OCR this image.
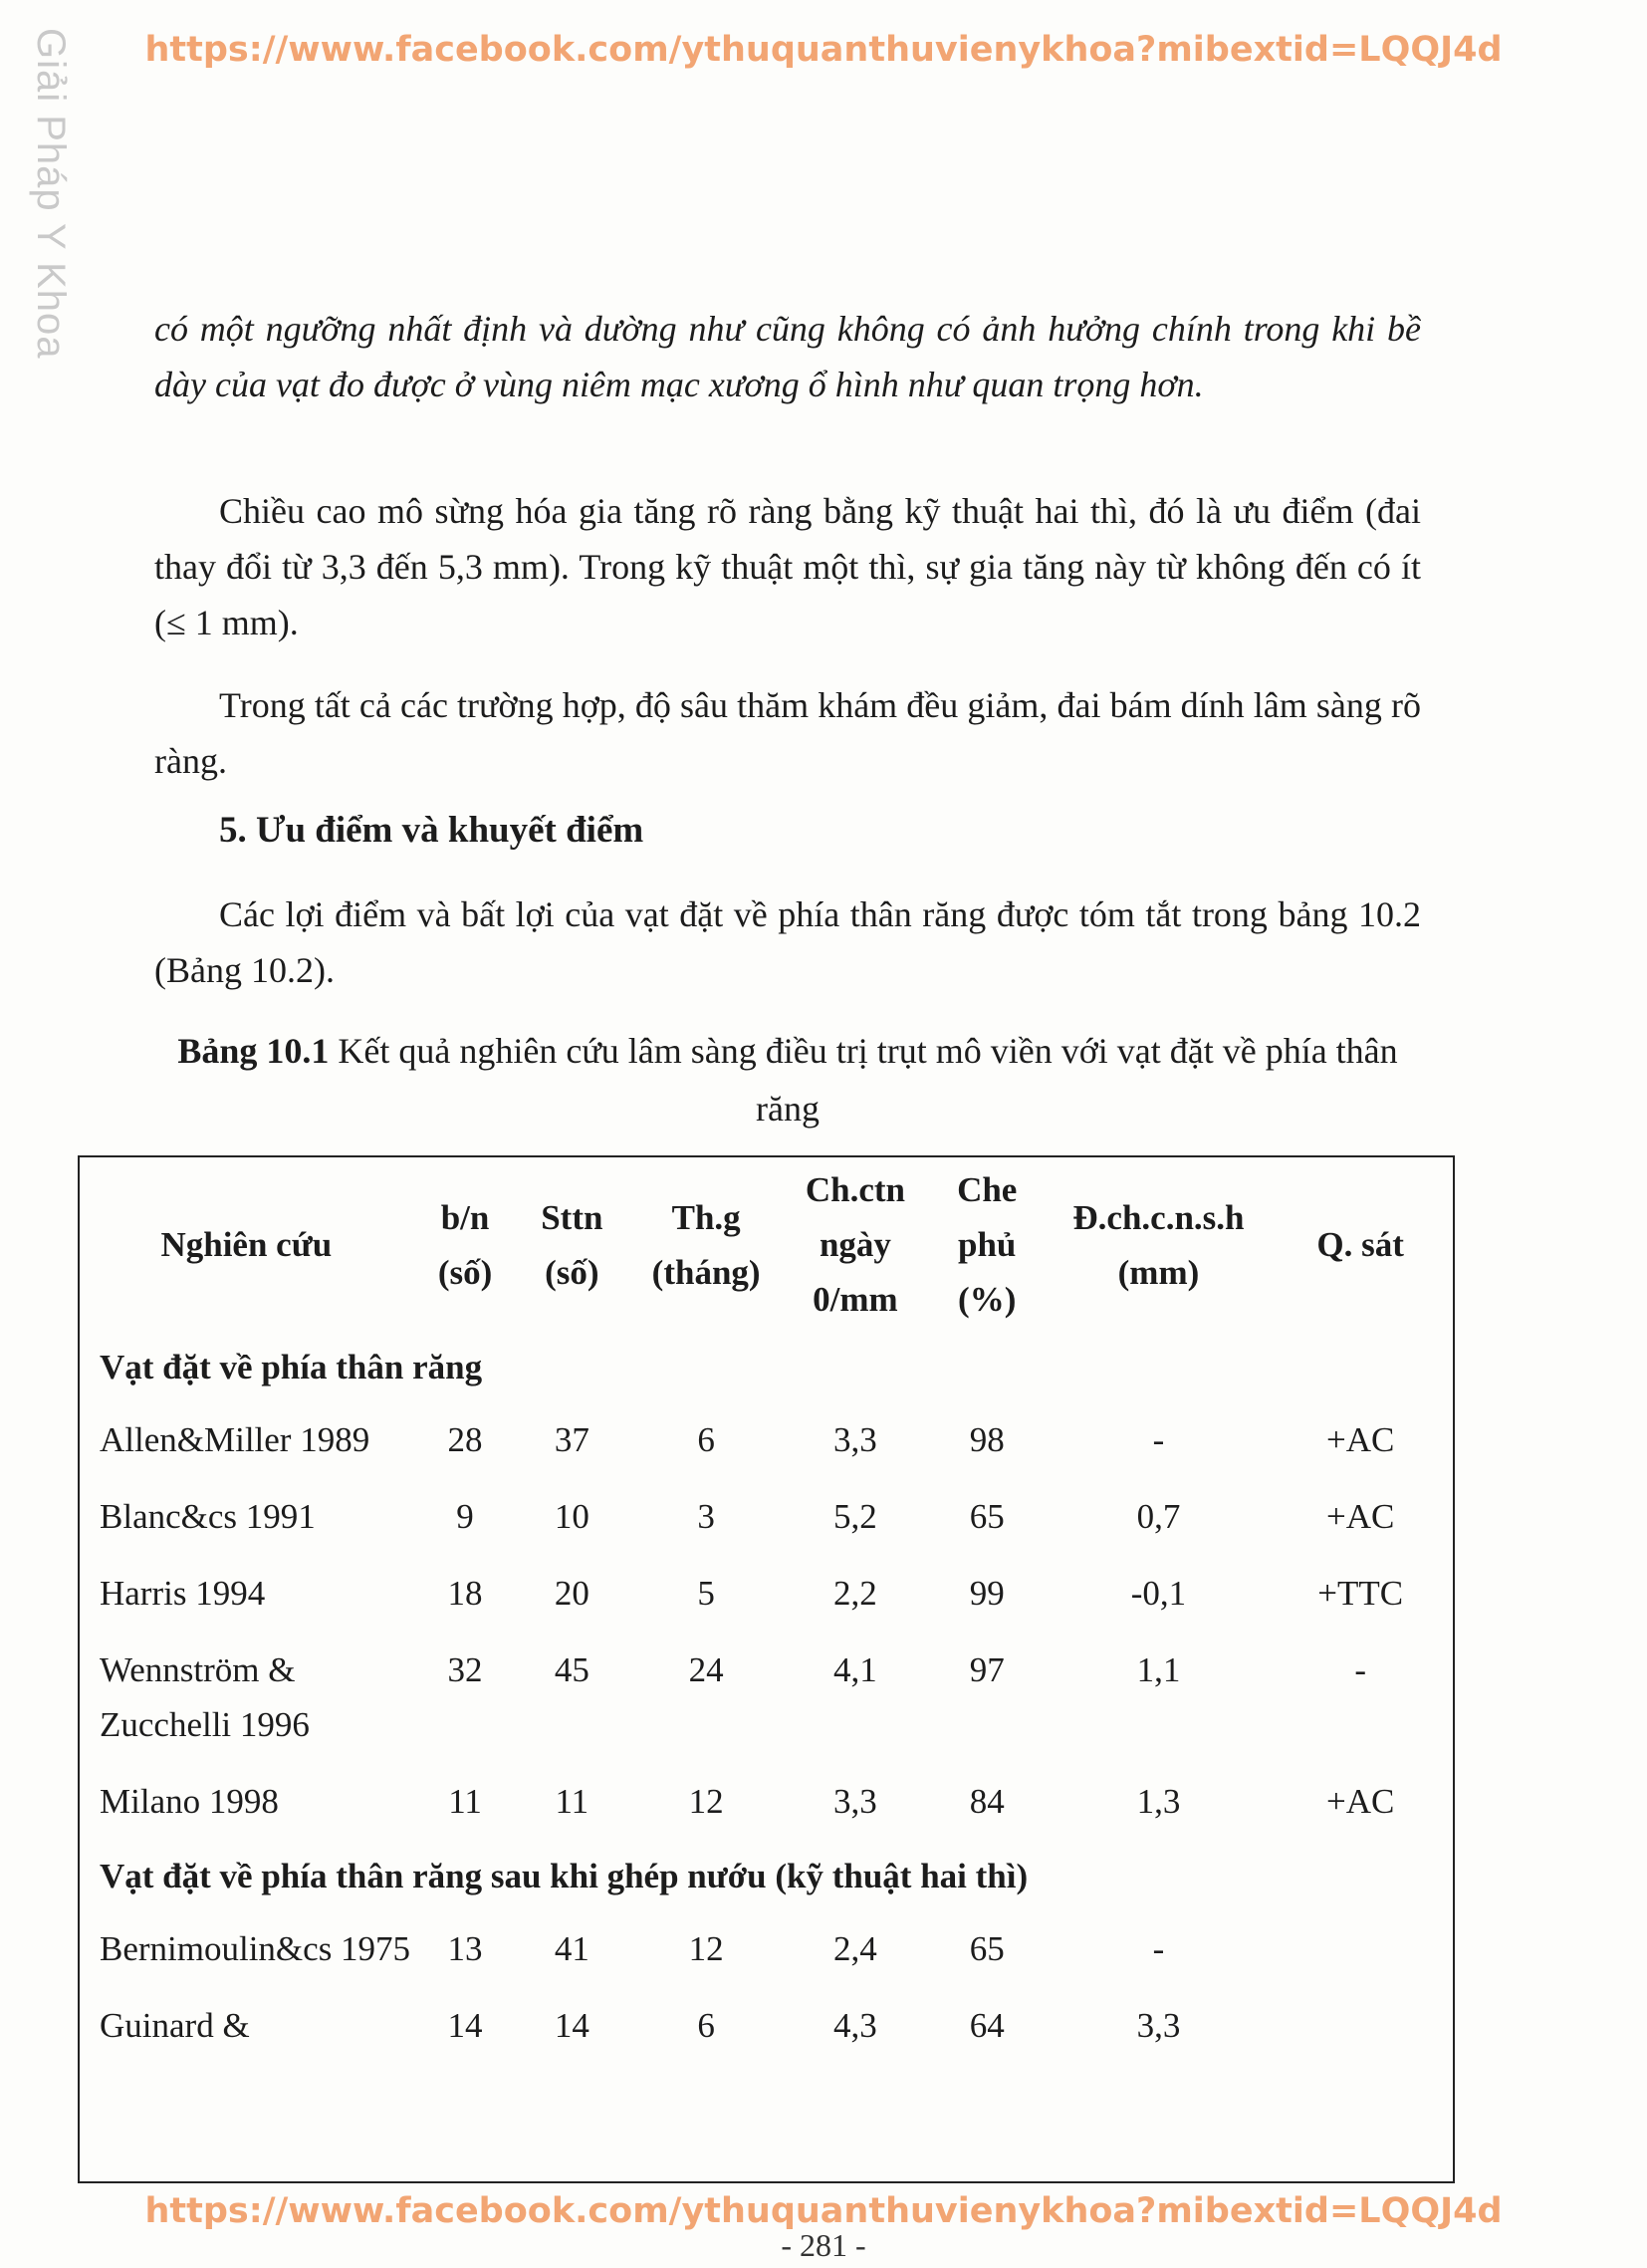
Giải Pháp Y Khoa	https://www.facebook.com/ythuquanthuvienykhoa?mibextid=LQQJ4d

có một ngưỡng nhất định và dường như cũng không có ảnh hưởng chính trong khi bề dày của vạt đo được ở vùng niêm mạc xương ổ hình như quan trọng hơn.

Chiều cao mô sừng hóa gia tăng rõ ràng bằng kỹ thuật hai thì, đó là ưu điểm (đai thay đổi từ 3,3 đến 5,3 mm). Trong kỹ thuật một thì, sự gia tăng này từ không đến có ít (≤ 1 mm).

Trong tất cả các trường hợp, độ sâu thăm khám đều giảm, đai bám dính lâm sàng rõ ràng.

5. Ưu điểm và khuyết điểm

Các lợi điểm và bất lợi của vạt đặt về phía thân răng được tóm tắt trong bảng 10.2 (Bảng 10.2).

Bảng 10.1 Kết quả nghiên cứu lâm sàng điều trị trụt mô viền với vạt đặt về phía thân răng
Nghiên cứu	b/n (số)	Sttn (số)	Th.g (tháng)	Ch.ctn ngày 0/mm	Che phủ (%)	Đ.ch.c.n.s.h (mm)	Q. sát
Vạt đặt về phía thân răng							
Allen&Miller 1989	28	37	6	3,3	98	-	+AC
Blanc&cs 1991	9	10	3	5,2	65	0,7	+AC
Harris 1994	18	20	5	2,2	99	-0,1	+TTC
Wennström & Zucchelli 1996	32	45	24	4,1	97	1,1	-
Milano 1998	11	11	12	3,3	84	1,3	+AC
Vạt đặt về phía thân răng sau khi ghép nướu (kỹ thuật hai thì)							
Bernimoulin&cs 1975	13	41	12	2,4	65	-	
Guinard &	14	14	6	4,3	64	3,3	
https://www.facebook.com/ythuquanthuvienykhoa?mibextid=LQQJ4d
- 281 -
